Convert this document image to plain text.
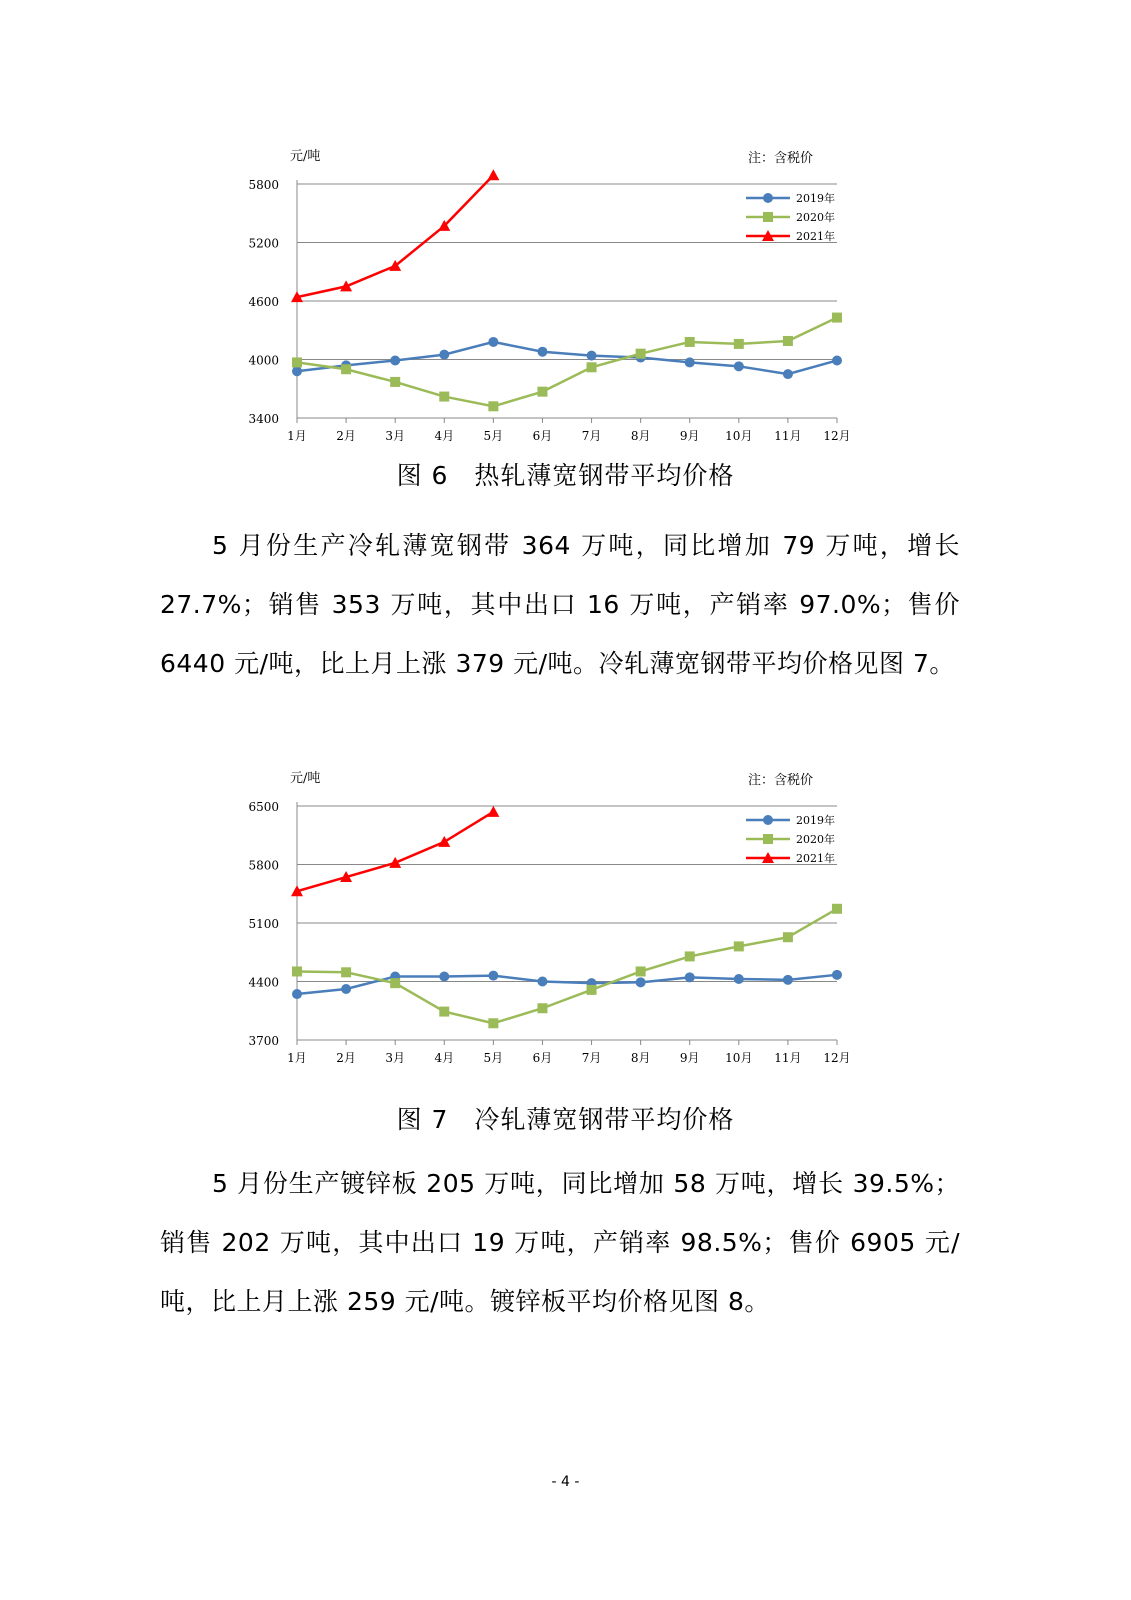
元/吨	注：含税价
5800
5200
4600
4000
3400
1月 2月 3月 4月 5月 6月 7月 8月 9月 10月 11月 12月
2019年
2020年
2021年
图 6　热轧薄宽钢带平均价格

5 月份生产冷轧薄宽钢带 364 万吨，同比增加 79 万吨，增长 27.7%；销售 353 万吨，其中出口 16 万吨，产销率 97.0%；售价 6440 元/吨，比上月上涨 379 元/吨。冷轧薄宽钢带平均价格见图 7。

元/吨	注：含税价
6500
5800
5100
4400
3700
1月 2月 3月 4月 5月 6月 7月 8月 9月 10月 11月 12月
2019年
2020年
2021年
图 7　冷轧薄宽钢带平均价格

5 月份生产镀锌板 205 万吨，同比增加 58 万吨，增长 39.5%；销售 202 万吨，其中出口 19 万吨，产销率 98.5%；售价 6905 元/吨，比上月上涨 259 元/吨。镀锌板平均价格见图 8。

- 4 -
